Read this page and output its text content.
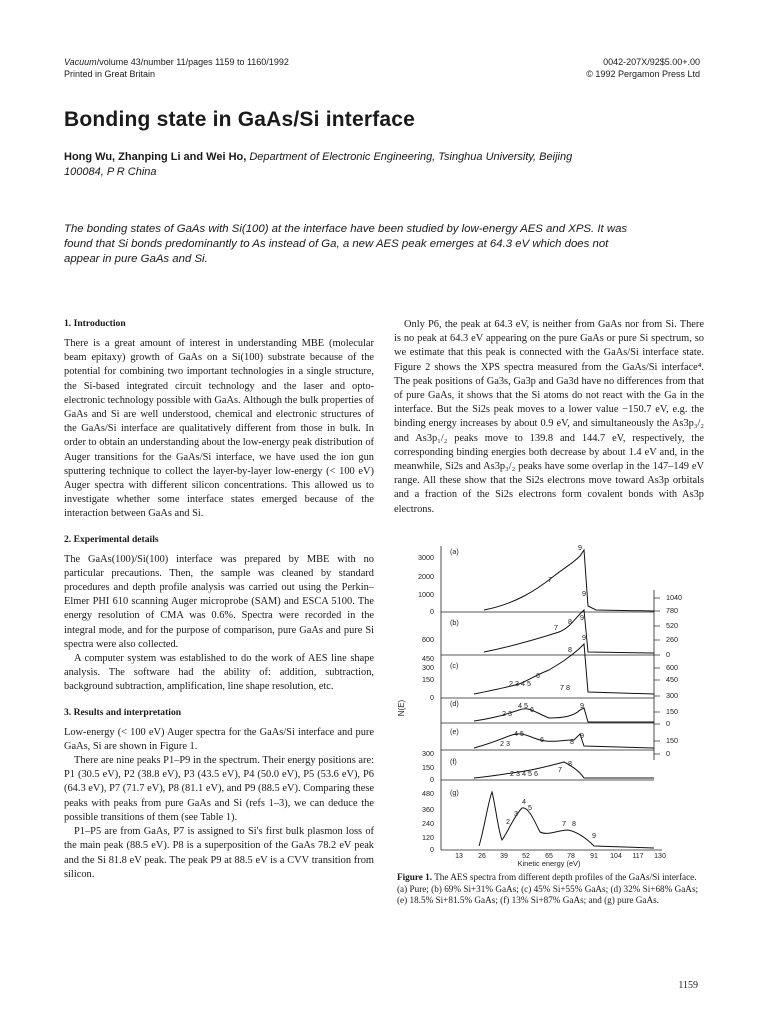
Vacuum/volume 43/number 11/pages 1159 to 1160/1992
Printed in Great Britain
0042-207X/92$5.00+.00
© 1992 Pergamon Press Ltd
Bonding state in GaAs/Si interface
Hong Wu, Zhanping Li and Wei Ho, Department of Electronic Engineering, Tsinghua University, Beijing
100084, P R China
The bonding states of GaAs with Si(100) at the interface have been studied by low-energy AES and XPS. It was
found that Si bonds predominantly to As instead of Ga, a new AES peak emerges at 64.3 eV which does not
appear in pure GaAs and Si.
1. Introduction

There is a great amount of interest in understanding MBE (molecular beam epitaxy) growth of GaAs on a Si(100) substrate because of the potential for combining two important technologies in a single structure, the Si-based integrated circuit technology and the laser and opto-electronic technology possible with GaAs. Although the bulk properties of GaAs and Si are well understood, chemical and electronic structures of the GaAs/Si interface are qualitatively different from those in bulk. In order to obtain an understanding about the low-energy peak distribution of Auger transitions for the GaAs/Si interface, we have used the ion gun sputtering technique to collect the layer-by-layer low-energy (< 100 eV) Auger spectra with different silicon concentrations. This allowed us to investigate whether some interface states emerged because of the interaction between GaAs and Si.

2. Experimental details

The GaAs(100)/Si(100) interface was prepared by MBE with no particular precautions. Then, the sample was cleaned by standard procedures and depth profile analysis was carried out using the Perkin–Elmer PHI 610 scanning Auger microprobe (SAM) and ESCA 5100. The energy resolution of CMA was 0.6%. Spectra were recorded in the integral mode, and for the purpose of comparison, pure GaAs and pure Si spectra were also collected.

A computer system was established to do the work of AES line shape analysis. The software had the ability of: addition, subtraction, background subtraction, amplification, line shape resolution, etc.

3. Results and interpretation

Low-energy (< 100 eV) Auger spectra for the GaAs/Si interface and pure GaAs, Si are shown in Figure 1.

There are nine peaks P1–P9 in the spectrum. Their energy positions are: P1 (30.5 eV), P2 (38.8 eV), P3 (43.5 eV), P4 (50.0 eV), P5 (53.6 eV), P6 (64.3 eV), P7 (71.7 eV), P8 (81.1 eV), and P9 (88.5 eV). Comparing these peaks with peaks from pure GaAs and Si (refs 1–3), we can deduce the possible transitions of them (see Table 1).

P1–P5 are from GaAs, P7 is assigned to Si's first bulk plasmon loss of the main peak (88.5 eV). P8 is a superposition of the GaAs 78.2 eV peak and the Si 81.8 eV peak. The peak P9 at 88.5 eV is a CVV transition from silicon.

Only P6, the peak at 64.3 eV, is neither from GaAs nor from Si. There is no peak at 64.3 eV appearing on the pure GaAs or pure Si spectrum, so we estimate that this peak is connected with the GaAs/Si interface state. Figure 2 shows the XPS spectra measured from the GaAs/Si interface⁴. The peak positions of Ga3s, Ga3p and Ga3d have no differences from that of pure GaAs, it shows that the Si atoms do not react with the Ga in the interface. But the Si2s peak moves to a lower value −150.7 eV, e.g. the binding energy increases by about 0.9 eV, and simultaneously the As3p₃/₂ and As3p₁/₂ peaks move to 139.8 and 144.7 eV, respectively, the corresponding binding energies both decrease by about 1.4 eV and, in the meanwhile, Si2s and As3p₃/₂ peaks have some overlap in the 147–149 eV range. All these show that the Si2s electrons move toward As3p orbitals and a fraction of the Si2s electrons form covalent bonds with As3p electrons.
3000
2000
1000
0
600
450
300
150
0
300
150
0
480
360
240
120
0
1040
780
520
260
0
600
450
300
150
0
150
0
N(E)
(a)
(b)
(c)
(d)
(e)
(f)
(g)
9
7
9
7
8 9
8
9
2 3 4 5
6
7 8
2 3
4 5 6	9
2 3
4 5
6	8
9
2 3 4 5 6	7
8
2
3
4
5
7 8
9
13 26 39 52 65 78 91 104 117 130
Kinetic energy (eV)
Figure 1. The AES spectra from different depth profiles of the GaAs/Si interface. (a) Pure; (b) 69% Si+31% GaAs; (c) 45% Si+55% GaAs; (d) 32% Si+68% GaAs; (e) 18.5% Si+81.5% GaAs; (f) 13% Si+87% GaAs; and (g) pure GaAs.
1159
